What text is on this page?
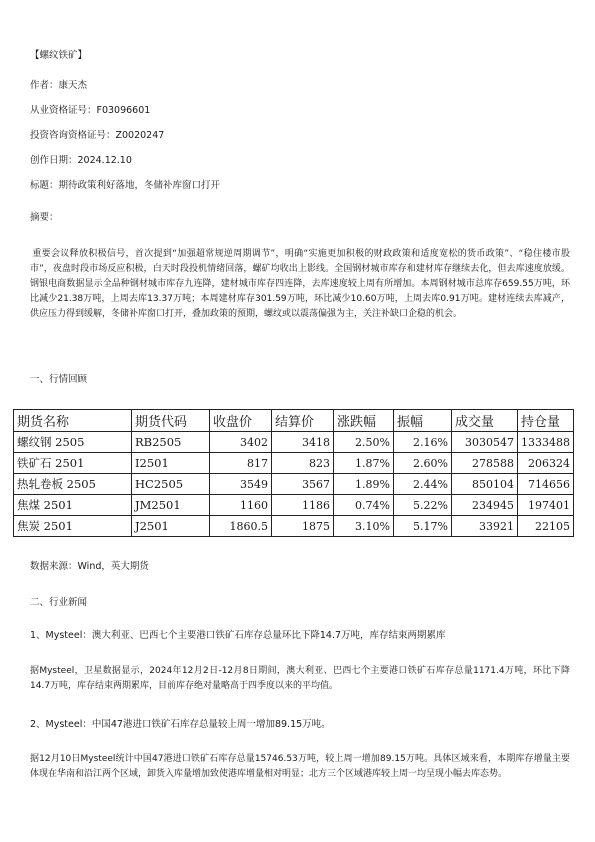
【螺纹铁矿】
作者：康天杰
从业资格证号：F03096601
投资咨询资格证号：Z0020247
创作日期：2024.12.10
标题：期待政策利好落地，冬储补库窗口打开
摘要：
重要会议释放积极信号，首次提到“加强超常规逆周期调节”，明确“实施更加积极的财政政策和适度宽松的货币政策”、“稳住楼市股市”，夜盘时段市场反应积极，白天时段投机情绪回落，螺矿均收出上影线。全国钢材城市库存和建材库存继续去化，但去库速度放缓。钢银电商数据显示全品种钢材城市库存九连降，建材城市库存四连降，去库速度较上周有所增加。本周钢材城市总库存659.55万吨，环比减少21.38万吨，上周去库13.37万吨；本周建材库存301.59万吨，环比减少10.60万吨，上周去库0.91万吨。建材连续去库减产，供应压力得到缓解，冬储补库窗口打开，叠加政策的预期，螺纹或以震荡偏强为主，关注补缺口企稳的机会。
一、行情回顾
期货名称	期货代码	收盘价	结算价	涨跌幅	振幅	成交量	持仓量
螺纹钢 2505	RB2505	3402	3418	2.50%	2.16%	3030547	1333488
铁矿石 2501	I2501	817	823	1.87%	2.60%	278588	206324
热轧卷板 2505	HC2505	3549	3567	1.89%	2.44%	850104	714656
焦煤 2501	JM2501	1160	1186	0.74%	5.22%	234945	197401
焦炭 2501	J2501	1860.5	1875	3.10%	5.17%	33921	22105
数据来源：Wind，英大期货
二、行业新闻
1、Mysteel：澳大利亚、巴西七个主要港口铁矿石库存总量环比下降14.7万吨，库存结束两期累库
据Mysteel，卫星数据显示，2024年12月2日-12月8日期间，澳大利亚、巴西七个主要港口铁矿石库存总量1171.4万吨，环比下降14.7万吨，库存结束两期累库，目前库存绝对量略高于四季度以来的平均值。
2、Mysteel：中国47港进口铁矿石库存总量较上周一增加89.15万吨。
据12月10日Mysteel统计中国47港进口铁矿石库存总量15746.53万吨，较上周一增加89.15万吨。具体区域来看，本期库存增量主要体现在华南和沿江两个区域，卸货入库量增加致使港库增量相对明显；北方三个区域港库较上周一均呈现小幅去库态势。
